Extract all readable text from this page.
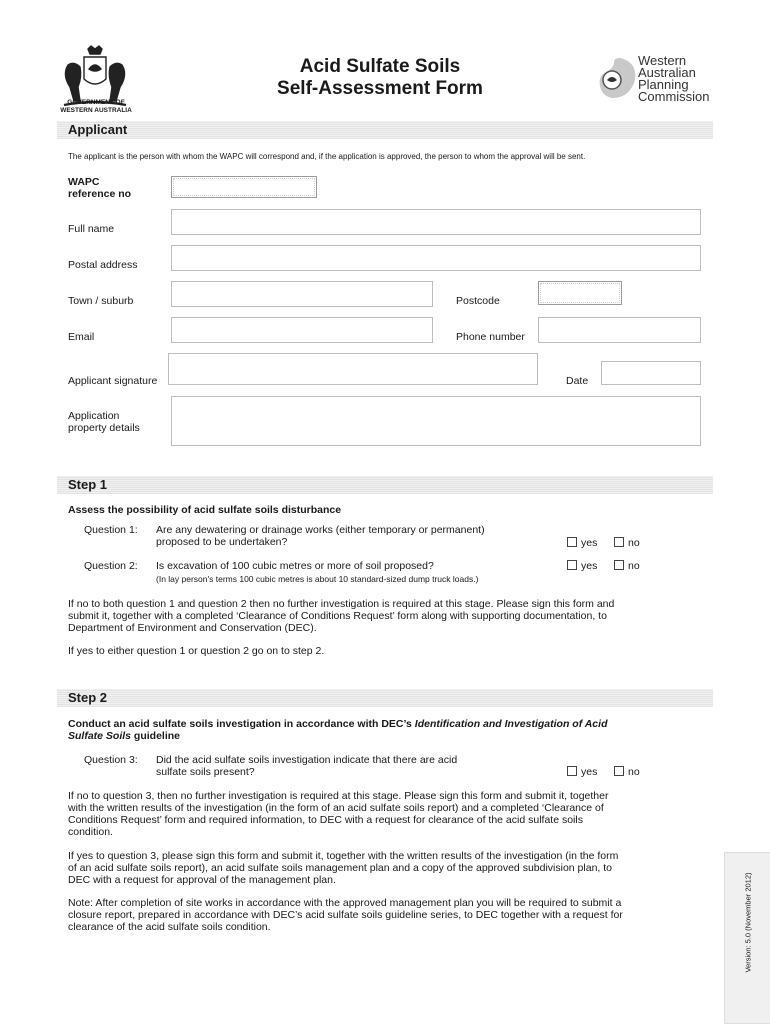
GOVERNMENT OF WESTERN AUSTRALIA
Acid Sulfate Soils
Self-Assessment Form
Western
Australian
Planning
Commission
Applicant
The applicant is the person with whom the WAPC will correspond and, if the application is approved, the person to whom the approval will be sent.
WAPC
reference no
Full name
Postal address
Town / suburb	Postcode
Email	Phone number
Applicant signature	Date
Application
property details
Step 1
Assess the possibility of acid sulfate soils disturbance
Question 1: Are any dewatering or drainage works (either temporary or permanent)
proposed to be undertaken?	yes	no
Question 2: Is excavation of 100 cubic metres or more of soil proposed?
(In lay person's terms 100 cubic metres is about 10 standard-sized dump truck loads.)
yes	no
If no to both question 1 and question 2 then no further investigation is required at this stage. Please sign this form and
submit it, together with a completed ‘Clearance of Conditions Request’ form along with supporting documentation, to
Department of Environment and Conservation (DEC).
If yes to either question 1 or question 2 go on to step 2.
Step 2
Conduct an acid sulfate soils investigation in accordance with DEC’s Identification and Investigation of Acid
Sulfate Soils guideline
Question 3: Did the acid sulfate soils investigation indicate that there are acid
sulfate soils present?	yes	no
If no to question 3, then no further investigation is required at this stage. Please sign this form and submit it, together
with the written results of the investigation (in the form of an acid sulfate soils report) and a completed ‘Clearance of
Conditions Request’ form and required information, to DEC with a request for clearance of the acid sulfate soils
condition.
If yes to question 3, please sign this form and submit it, together with the written results of the investigation (in the form
of an acid sulfate soils report), an acid sulfate soils management plan and a copy of the approved subdivision plan, to
DEC with a request for approval of the management plan.
Note: After completion of site works in accordance with the approved management plan you will be required to submit a
closure report, prepared in accordance with DEC’s acid sulfate soils guideline series, to DEC together with a request for
clearance of the acid sulfate soils condition.	Version: 5.0 (November 2012)
